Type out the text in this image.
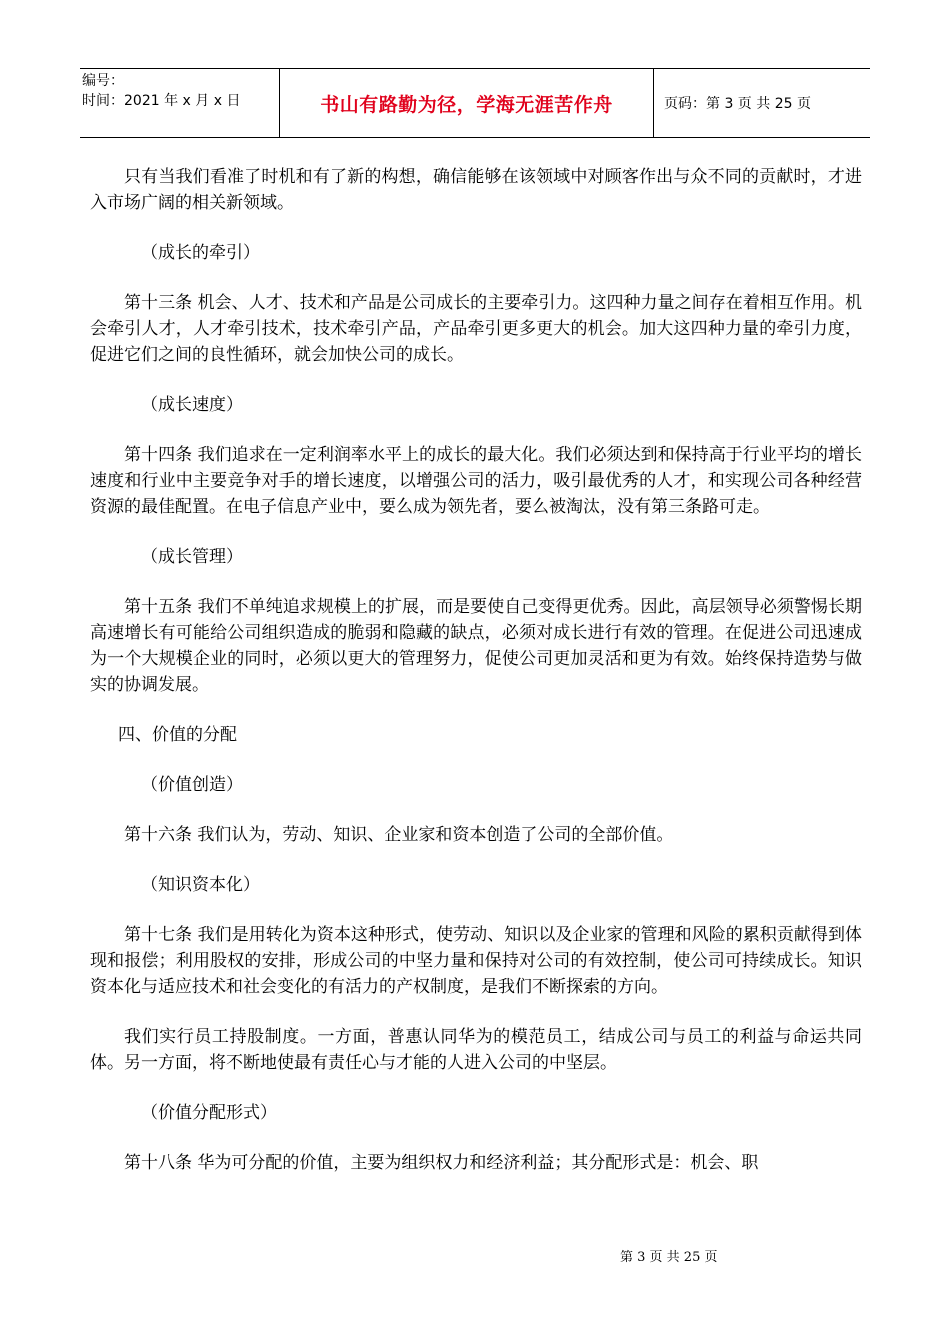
编号：
时间：2021 年 x 月 x 日	书山有路勤为径，学海无涯苦作舟	页码：第 3 页 共 25 页

只有当我们看准了时机和有了新的构想，确信能够在该领域中对顾客作出与众不同的贡献时，才进入市场广阔的相关新领域。

（成长的牵引）

第十三条 机会、人才、技术和产品是公司成长的主要牵引力。这四种力量之间存在着相互作用。机会牵引人才，人才牵引技术，技术牵引产品，产品牵引更多更大的机会。加大这四种力量的牵引力度，促进它们之间的良性循环，就会加快公司的成长。

（成长速度）

第十四条 我们追求在一定利润率水平上的成长的最大化。我们必须达到和保持高于行业平均的增长速度和行业中主要竞争对手的增长速度，以增强公司的活力，吸引最优秀的人才，和实现公司各种经营资源的最佳配置。在电子信息产业中，要么成为领先者，要么被淘汰，没有第三条路可走。

（成长管理）

第十五条 我们不单纯追求规模上的扩展，而是要使自己变得更优秀。因此，高层领导必须警惕长期高速增长有可能给公司组织造成的脆弱和隐藏的缺点，必须对成长进行有效的管理。在促进公司迅速成为一个大规模企业的同时，必须以更大的管理努力，促使公司更加灵活和更为有效。始终保持造势与做实的协调发展。

四、价值的分配

（价值创造）

第十六条 我们认为，劳动、知识、企业家和资本创造了公司的全部价值。

（知识资本化）

第十七条 我们是用转化为资本这种形式，使劳动、知识以及企业家的管理和风险的累积贡献得到体现和报偿；利用股权的安排，形成公司的中坚力量和保持对公司的有效控制，使公司可持续成长。知识资本化与适应技术和社会变化的有活力的产权制度，是我们不断探索的方向。

我们实行员工持股制度。一方面，普惠认同华为的模范员工，结成公司与员工的利益与命运共同体。另一方面，将不断地使最有责任心与才能的人进入公司的中坚层。

（价值分配形式）

第十八条 华为可分配的价值，主要为组织权力和经济利益；其分配形式是：机会、职

第 3 页 共 25 页
